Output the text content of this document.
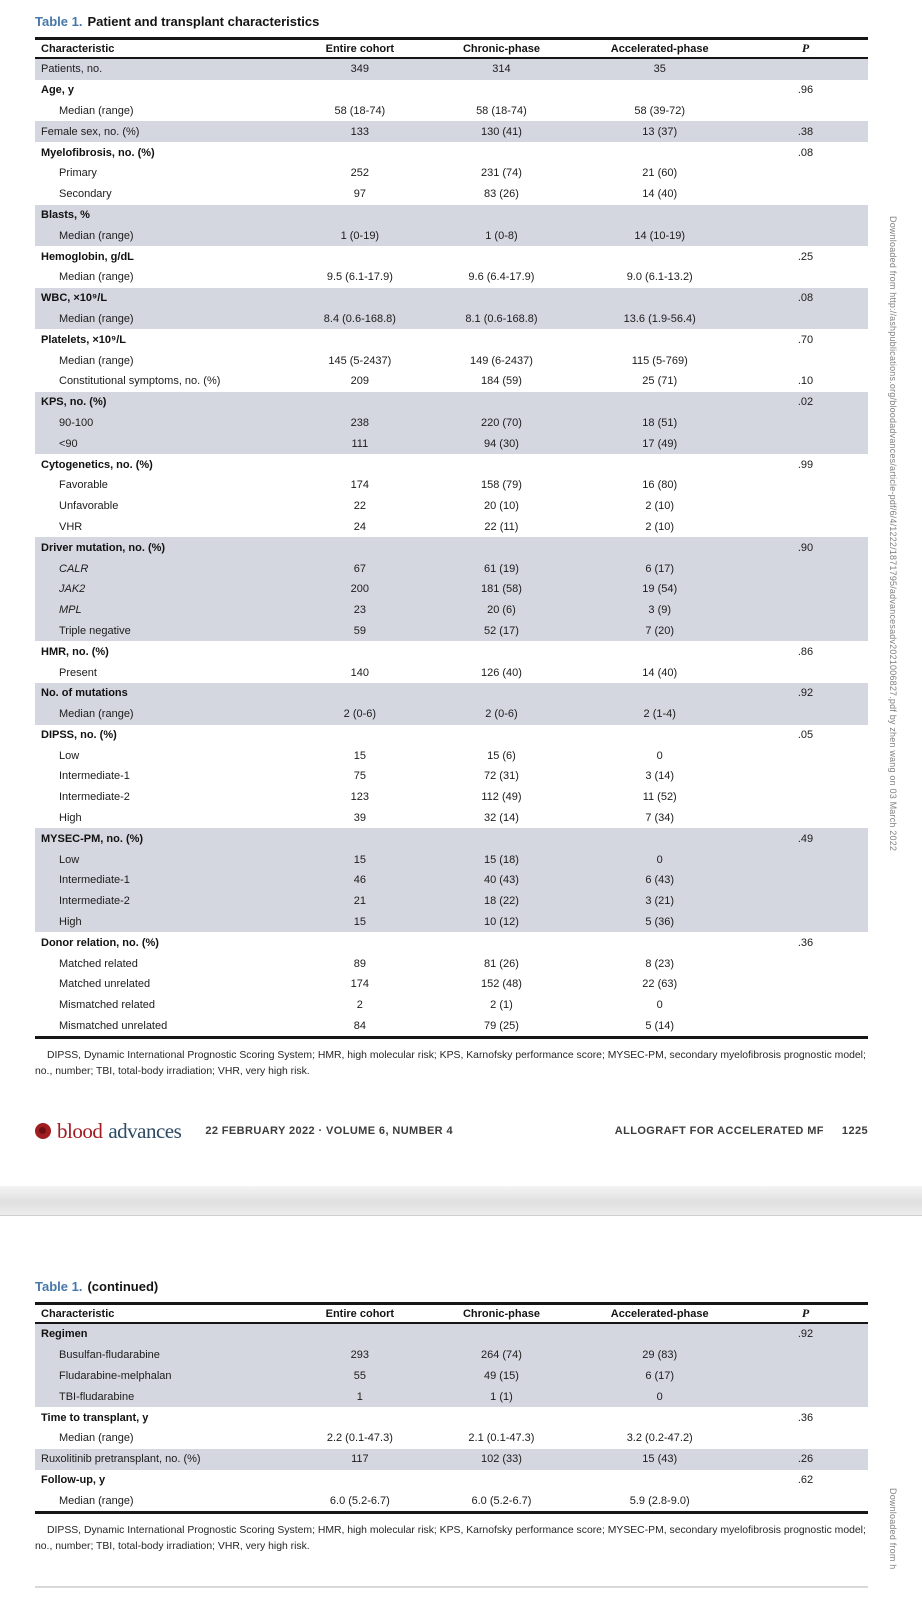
Table 1. Patient and transplant characteristics
Characteristic	Entire cohort	Chronic-phase	Accelerated-phase	P
Patients, no.	349	314	35
Age, y	.96
Median (range)	58 (18-74)	58 (18-74)	58 (39-72)
Female sex, no. (%)	133	130 (41)	13 (37)	.38
Myelofibrosis, no. (%)	.08
Primary	252	231 (74)	21 (60)
Secondary	97	83 (26)	14 (40)
Blasts, %
Median (range)	1 (0-19)	1 (0-8)	14 (10-19)
Hemoglobin, g/dL	.25
Median (range)	9.5 (6.1-17.9)	9.6 (6.4-17.9)	9.0 (6.1-13.2)
WBC, ×10⁹/L	.08
Median (range)	8.4 (0.6-168.8)	8.1 (0.6-168.8)	13.6 (1.9-56.4)
Platelets, ×10⁹/L	.70
Median (range)	145 (5-2437)	149 (6-2437)	115 (5-769)
Constitutional symptoms, no. (%)	209	184 (59)	25 (71)	.10
KPS, no. (%)	.02
90-100	238	220 (70)	18 (51)
<90	111	94 (30)	17 (49)
Cytogenetics, no. (%)	.99
Favorable	174	158 (79)	16 (80)
Unfavorable	22	20 (10)	2 (10)
VHR	24	22 (11)	2 (10)
Driver mutation, no. (%)	.90
CALR	67	61 (19)	6 (17)
JAK2	200	181 (58)	19 (54)
MPL	23	20 (6)	3 (9)
Triple negative	59	52 (17)	7 (20)
HMR, no. (%)	.86
Present	140	126 (40)	14 (40)
No. of mutations	.92
Median (range)	2 (0-6)	2 (0-6)	2 (1-4)
DIPSS, no. (%)	.05
Low	15	15 (6)	0
Intermediate-1	75	72 (31)	3 (14)
Intermediate-2	123	112 (49)	11 (52)
High	39	32 (14)	7 (34)
MYSEC-PM, no. (%)	.49
Low	15	15 (18)	0
Intermediate-1	46	40 (43)	6 (43)
Intermediate-2	21	18 (22)	3 (21)
High	15	10 (12)	5 (36)
Donor relation, no. (%)	.36
Matched related	89	81 (26)	8 (23)
Matched unrelated	174	152 (48)	22 (63)
Mismatched related	2	2 (1)	0
Mismatched unrelated	84	79 (25)	5 (14)
DIPSS, Dynamic International Prognostic Scoring System; HMR, high molecular risk; KPS, Karnofsky performance score; MYSEC-PM, secondary myelofibrosis prognostic model; no., number; TBI, total-body irradiation; VHR, very high risk.
blood advances 22 FEBRUARY 2022 · VOLUME 6, NUMBER 4	ALLOGRAFT FOR ACCELERATED MF 1225
Table 1. (continued)
Characteristic	Entire cohort	Chronic-phase	Accelerated-phase	P
Regimen	.92
Busulfan-fludarabine	293	264 (74)	29 (83)
Fludarabine-melphalan	55	49 (15)	6 (17)
TBI-fludarabine	1	1 (1)	0
Time to transplant, y	.36
Median (range)	2.2 (0.1-47.3)	2.1 (0.1-47.3)	3.2 (0.2-47.2)
Ruxolitinib pretransplant, no. (%)	117	102 (33)	15 (43)	.26
Follow-up, y	.62
Median (range)	6.0 (5.2-6.7)	6.0 (5.2-6.7)	5.9 (2.8-9.0)
DIPSS, Dynamic International Prognostic Scoring System; HMR, high molecular risk; KPS, Karnofsky performance score; MYSEC-PM, secondary myelofibrosis prognostic model; no., number; TBI, total-body irradiation; VHR, very high risk.
Downloaded from http://ashpublications.org/bloodadvances/article-pdf/6/4/1222/1871795/advancesadv2021006827.pdf by zhen wang on 03 March 2022
Downloaded from h
